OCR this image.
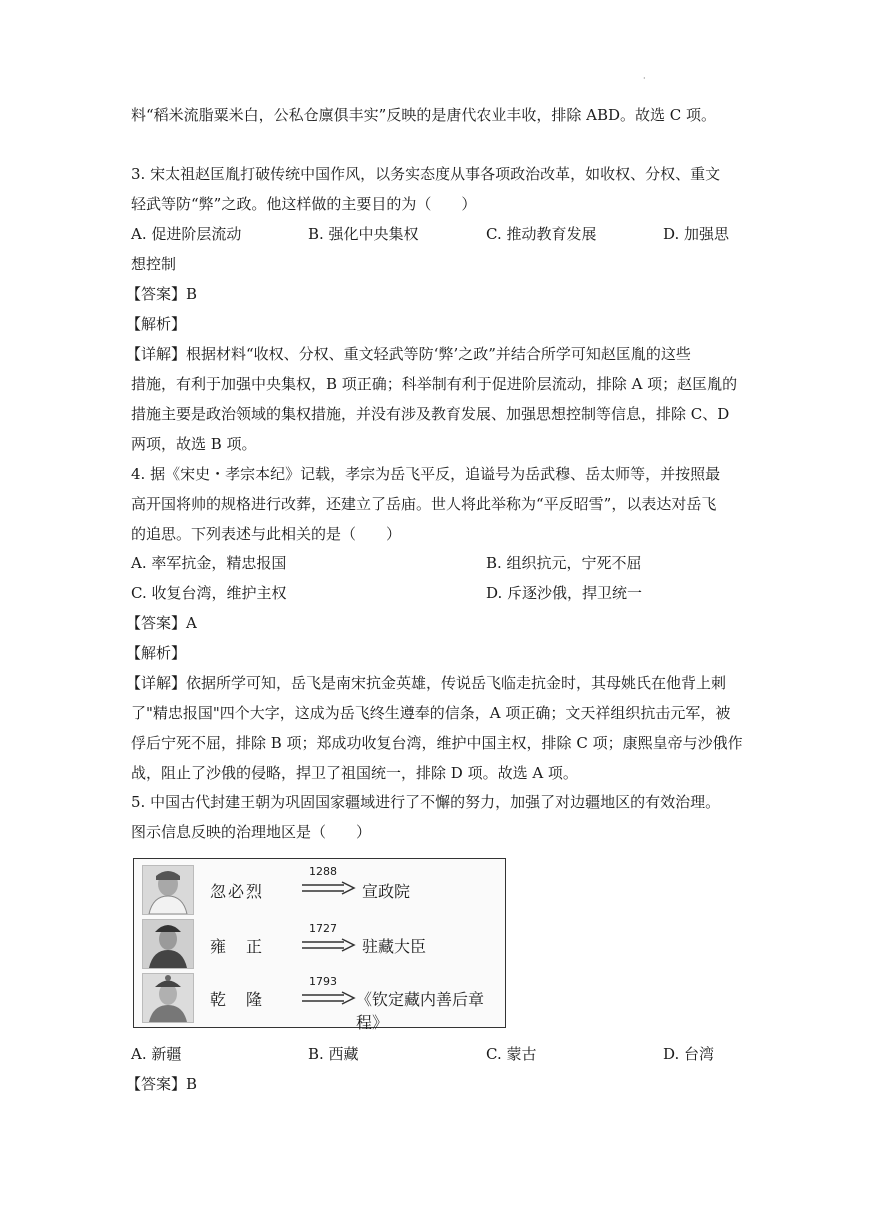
·
料“稻米流脂粟米白，公私仓廪俱丰实”反映的是唐代农业丰收，排除 ABD。故选 C 项。
3. 宋太祖赵匡胤打破传统中国作风，以务实态度从事各项政治改革，如收权、分权、重文
轻武等防“弊”之政。他这样做的主要目的为（　　）
A. 促进阶层流动	B. 强化中央集权	C. 推动教育发展	D. 加强思
想控制
【答案】B
【解析】
【详解】根据材料“收权、分权、重文轻武等防‘弊’之政”并结合所学可知赵匡胤的这些
措施，有利于加强中央集权，B 项正确；科举制有利于促进阶层流动，排除 A 项；赵匡胤的
措施主要是政治领域的集权措施，并没有涉及教育发展、加强思想控制等信息，排除 C、D
两项，故选 B 项。
4. 据《宋史・孝宗本纪》记载，孝宗为岳飞平反，追谥号为岳武穆、岳太师等，并按照最
高开国将帅的规格进行改葬，还建立了岳庙。世人将此举称为“平反昭雪”，以表达对岳飞
的追思。下列表述与此相关的是（　　）
A. 率军抗金，精忠报国	B. 组织抗元，宁死不屈
C. 收复台湾，维护主权	D. 斥逐沙俄，捍卫统一
【答案】A
【解析】
【详解】依据所学可知，岳飞是南宋抗金英雄，传说岳飞临走抗金时，其母姚氏在他背上刺
了"精忠报国"四个大字，这成为岳飞终生遵奉的信条，A 项正确；文天祥组织抗击元军，被
俘后宁死不屈，排除 B 项；郑成功收复台湾，维护中国主权，排除 C 项；康熙皇帝与沙俄作
战，阻止了沙俄的侵略，捍卫了祖国统一，排除 D 项。故选 A 项。
5. 中国古代封建王朝为巩固国家疆域进行了不懈的努力，加强了对边疆地区的有效治理。
图示信息反映的治理地区是（　　）
忽必烈
1288
宣政院
雍　正
1727
驻藏大臣
乾　隆
1793
《钦定藏内善后章程》
A. 新疆	B. 西藏	C. 蒙古	D. 台湾
【答案】B
